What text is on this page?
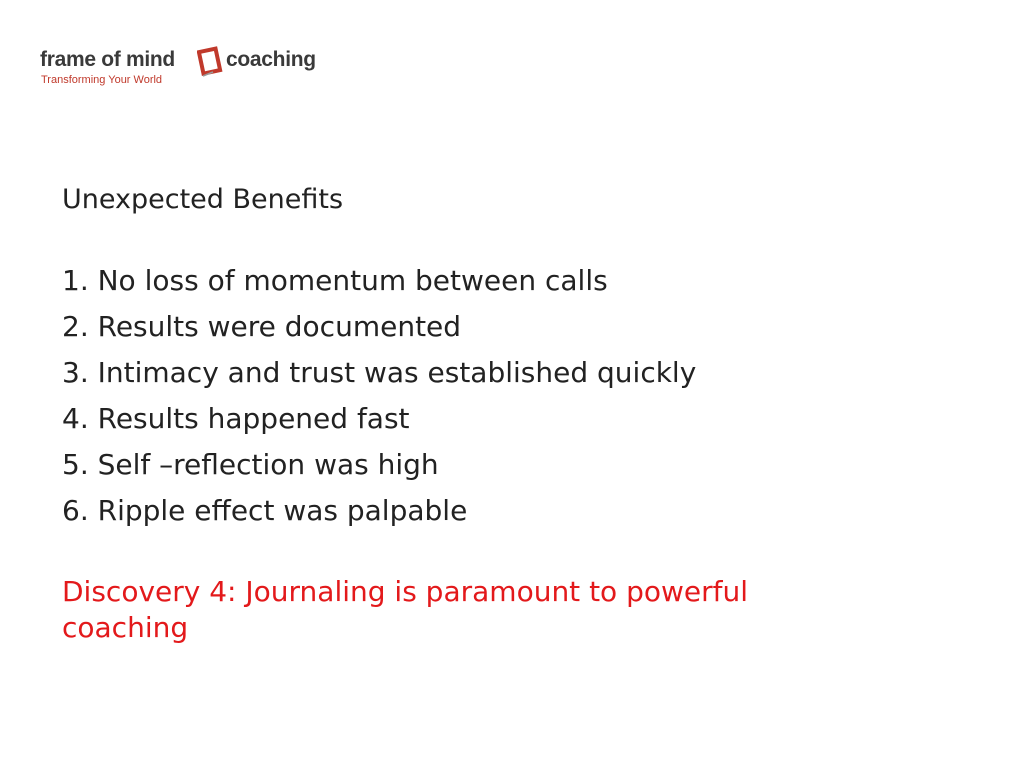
frame of mind coaching
Transforming Your World
Unexpected Benefits
1. No loss of momentum between calls
2. Results were documented
3. Intimacy and trust was established quickly
4. Results happened fast
5. Self –reflection was high
6. Ripple effect was palpable
Discovery 4: Journaling is paramount to powerful coaching
